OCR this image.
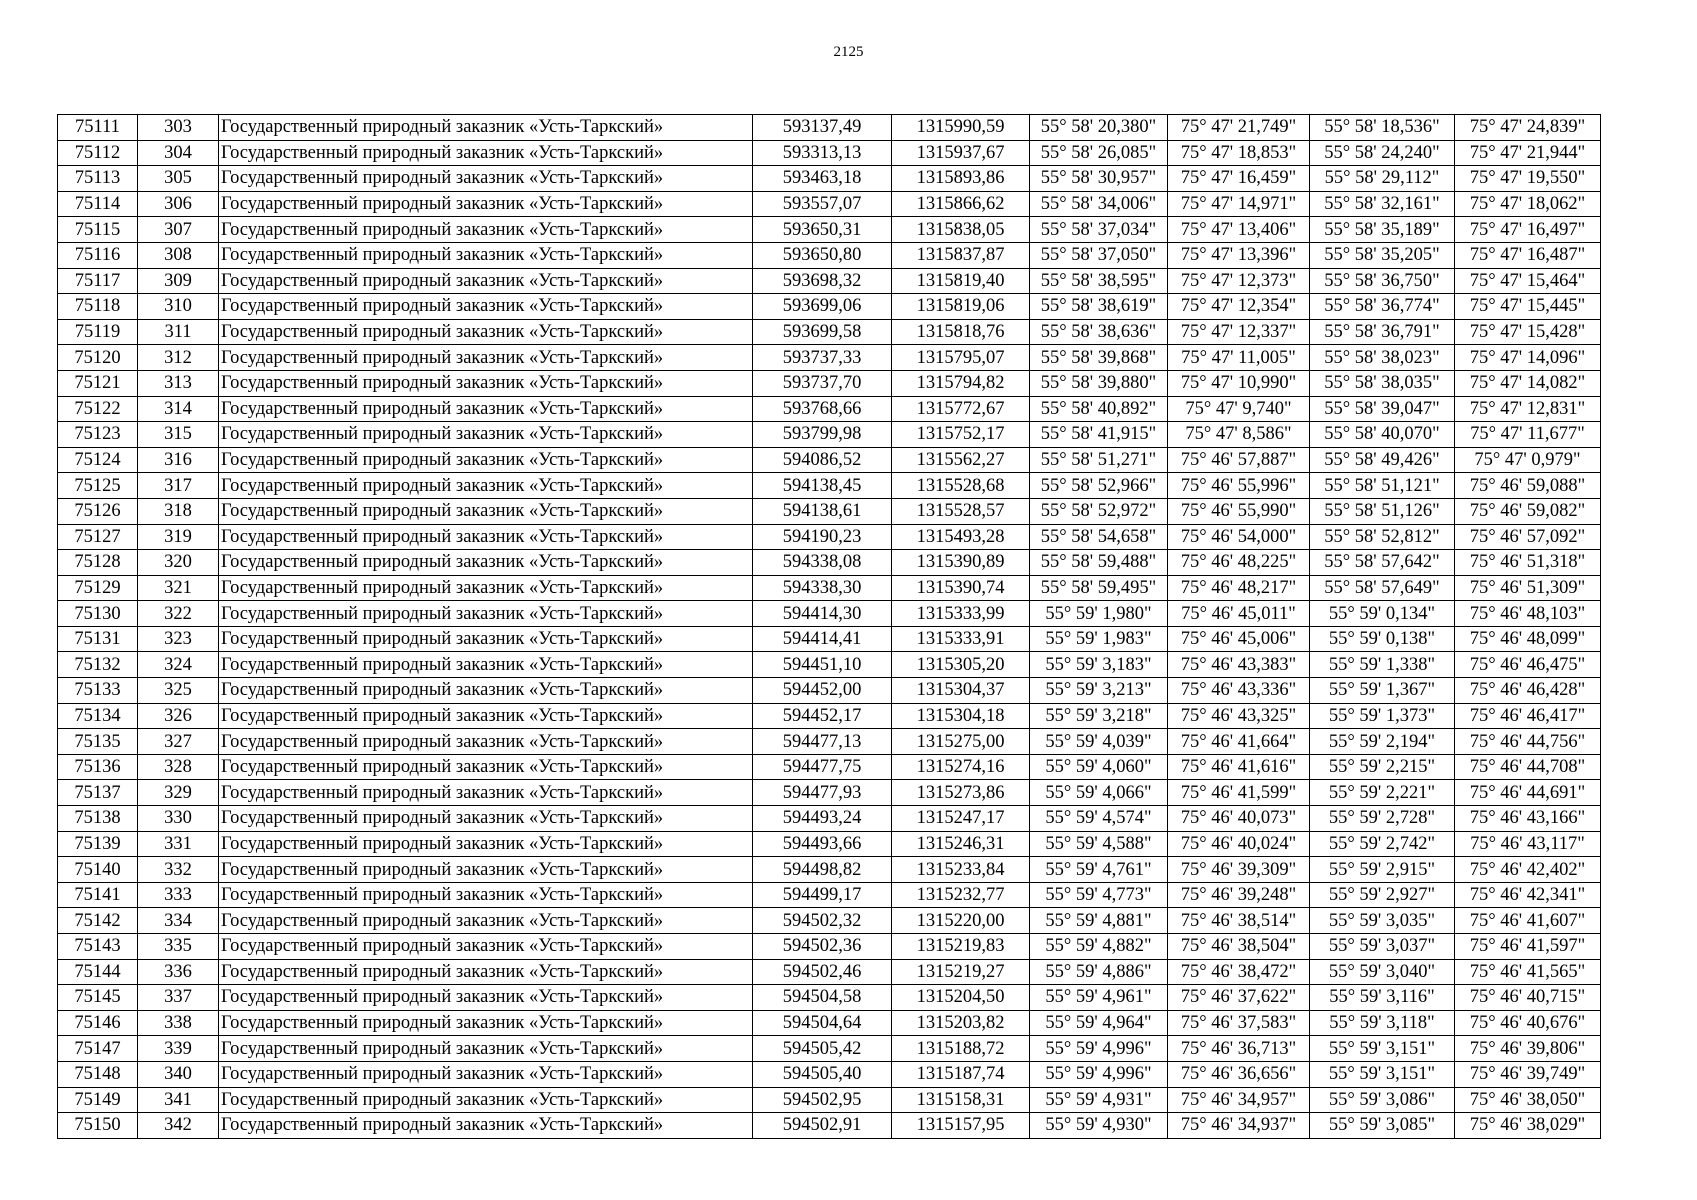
2125
75111	303	Государственный природный заказник «Усть-Таркский»	593137,49	1315990,59	55° 58' 20,380"	75° 47' 21,749"	55° 58' 18,536"	75° 47' 24,839"
75112	304	Государственный природный заказник «Усть-Таркский»	593313,13	1315937,67	55° 58' 26,085"	75° 47' 18,853"	55° 58' 24,240"	75° 47' 21,944"
75113	305	Государственный природный заказник «Усть-Таркский»	593463,18	1315893,86	55° 58' 30,957"	75° 47' 16,459"	55° 58' 29,112"	75° 47' 19,550"
75114	306	Государственный природный заказник «Усть-Таркский»	593557,07	1315866,62	55° 58' 34,006"	75° 47' 14,971"	55° 58' 32,161"	75° 47' 18,062"
75115	307	Государственный природный заказник «Усть-Таркский»	593650,31	1315838,05	55° 58' 37,034"	75° 47' 13,406"	55° 58' 35,189"	75° 47' 16,497"
75116	308	Государственный природный заказник «Усть-Таркский»	593650,80	1315837,87	55° 58' 37,050"	75° 47' 13,396"	55° 58' 35,205"	75° 47' 16,487"
75117	309	Государственный природный заказник «Усть-Таркский»	593698,32	1315819,40	55° 58' 38,595"	75° 47' 12,373"	55° 58' 36,750"	75° 47' 15,464"
75118	310	Государственный природный заказник «Усть-Таркский»	593699,06	1315819,06	55° 58' 38,619"	75° 47' 12,354"	55° 58' 36,774"	75° 47' 15,445"
75119	311	Государственный природный заказник «Усть-Таркский»	593699,58	1315818,76	55° 58' 38,636"	75° 47' 12,337"	55° 58' 36,791"	75° 47' 15,428"
75120	312	Государственный природный заказник «Усть-Таркский»	593737,33	1315795,07	55° 58' 39,868"	75° 47' 11,005"	55° 58' 38,023"	75° 47' 14,096"
75121	313	Государственный природный заказник «Усть-Таркский»	593737,70	1315794,82	55° 58' 39,880"	75° 47' 10,990"	55° 58' 38,035"	75° 47' 14,082"
75122	314	Государственный природный заказник «Усть-Таркский»	593768,66	1315772,67	55° 58' 40,892"	75° 47' 9,740"	55° 58' 39,047"	75° 47' 12,831"
75123	315	Государственный природный заказник «Усть-Таркский»	593799,98	1315752,17	55° 58' 41,915"	75° 47' 8,586"	55° 58' 40,070"	75° 47' 11,677"
75124	316	Государственный природный заказник «Усть-Таркский»	594086,52	1315562,27	55° 58' 51,271"	75° 46' 57,887"	55° 58' 49,426"	75° 47' 0,979"
75125	317	Государственный природный заказник «Усть-Таркский»	594138,45	1315528,68	55° 58' 52,966"	75° 46' 55,996"	55° 58' 51,121"	75° 46' 59,088"
75126	318	Государственный природный заказник «Усть-Таркский»	594138,61	1315528,57	55° 58' 52,972"	75° 46' 55,990"	55° 58' 51,126"	75° 46' 59,082"
75127	319	Государственный природный заказник «Усть-Таркский»	594190,23	1315493,28	55° 58' 54,658"	75° 46' 54,000"	55° 58' 52,812"	75° 46' 57,092"
75128	320	Государственный природный заказник «Усть-Таркский»	594338,08	1315390,89	55° 58' 59,488"	75° 46' 48,225"	55° 58' 57,642"	75° 46' 51,318"
75129	321	Государственный природный заказник «Усть-Таркский»	594338,30	1315390,74	55° 58' 59,495"	75° 46' 48,217"	55° 58' 57,649"	75° 46' 51,309"
75130	322	Государственный природный заказник «Усть-Таркский»	594414,30	1315333,99	55° 59' 1,980"	75° 46' 45,011"	55° 59' 0,134"	75° 46' 48,103"
75131	323	Государственный природный заказник «Усть-Таркский»	594414,41	1315333,91	55° 59' 1,983"	75° 46' 45,006"	55° 59' 0,138"	75° 46' 48,099"
75132	324	Государственный природный заказник «Усть-Таркский»	594451,10	1315305,20	55° 59' 3,183"	75° 46' 43,383"	55° 59' 1,338"	75° 46' 46,475"
75133	325	Государственный природный заказник «Усть-Таркский»	594452,00	1315304,37	55° 59' 3,213"	75° 46' 43,336"	55° 59' 1,367"	75° 46' 46,428"
75134	326	Государственный природный заказник «Усть-Таркский»	594452,17	1315304,18	55° 59' 3,218"	75° 46' 43,325"	55° 59' 1,373"	75° 46' 46,417"
75135	327	Государственный природный заказник «Усть-Таркский»	594477,13	1315275,00	55° 59' 4,039"	75° 46' 41,664"	55° 59' 2,194"	75° 46' 44,756"
75136	328	Государственный природный заказник «Усть-Таркский»	594477,75	1315274,16	55° 59' 4,060"	75° 46' 41,616"	55° 59' 2,215"	75° 46' 44,708"
75137	329	Государственный природный заказник «Усть-Таркский»	594477,93	1315273,86	55° 59' 4,066"	75° 46' 41,599"	55° 59' 2,221"	75° 46' 44,691"
75138	330	Государственный природный заказник «Усть-Таркский»	594493,24	1315247,17	55° 59' 4,574"	75° 46' 40,073"	55° 59' 2,728"	75° 46' 43,166"
75139	331	Государственный природный заказник «Усть-Таркский»	594493,66	1315246,31	55° 59' 4,588"	75° 46' 40,024"	55° 59' 2,742"	75° 46' 43,117"
75140	332	Государственный природный заказник «Усть-Таркский»	594498,82	1315233,84	55° 59' 4,761"	75° 46' 39,309"	55° 59' 2,915"	75° 46' 42,402"
75141	333	Государственный природный заказник «Усть-Таркский»	594499,17	1315232,77	55° 59' 4,773"	75° 46' 39,248"	55° 59' 2,927"	75° 46' 42,341"
75142	334	Государственный природный заказник «Усть-Таркский»	594502,32	1315220,00	55° 59' 4,881"	75° 46' 38,514"	55° 59' 3,035"	75° 46' 41,607"
75143	335	Государственный природный заказник «Усть-Таркский»	594502,36	1315219,83	55° 59' 4,882"	75° 46' 38,504"	55° 59' 3,037"	75° 46' 41,597"
75144	336	Государственный природный заказник «Усть-Таркский»	594502,46	1315219,27	55° 59' 4,886"	75° 46' 38,472"	55° 59' 3,040"	75° 46' 41,565"
75145	337	Государственный природный заказник «Усть-Таркский»	594504,58	1315204,50	55° 59' 4,961"	75° 46' 37,622"	55° 59' 3,116"	75° 46' 40,715"
75146	338	Государственный природный заказник «Усть-Таркский»	594504,64	1315203,82	55° 59' 4,964"	75° 46' 37,583"	55° 59' 3,118"	75° 46' 40,676"
75147	339	Государственный природный заказник «Усть-Таркский»	594505,42	1315188,72	55° 59' 4,996"	75° 46' 36,713"	55° 59' 3,151"	75° 46' 39,806"
75148	340	Государственный природный заказник «Усть-Таркский»	594505,40	1315187,74	55° 59' 4,996"	75° 46' 36,656"	55° 59' 3,151"	75° 46' 39,749"
75149	341	Государственный природный заказник «Усть-Таркский»	594502,95	1315158,31	55° 59' 4,931"	75° 46' 34,957"	55° 59' 3,086"	75° 46' 38,050"
75150	342	Государственный природный заказник «Усть-Таркский»	594502,91	1315157,95	55° 59' 4,930"	75° 46' 34,937"	55° 59' 3,085"	75° 46' 38,029"
